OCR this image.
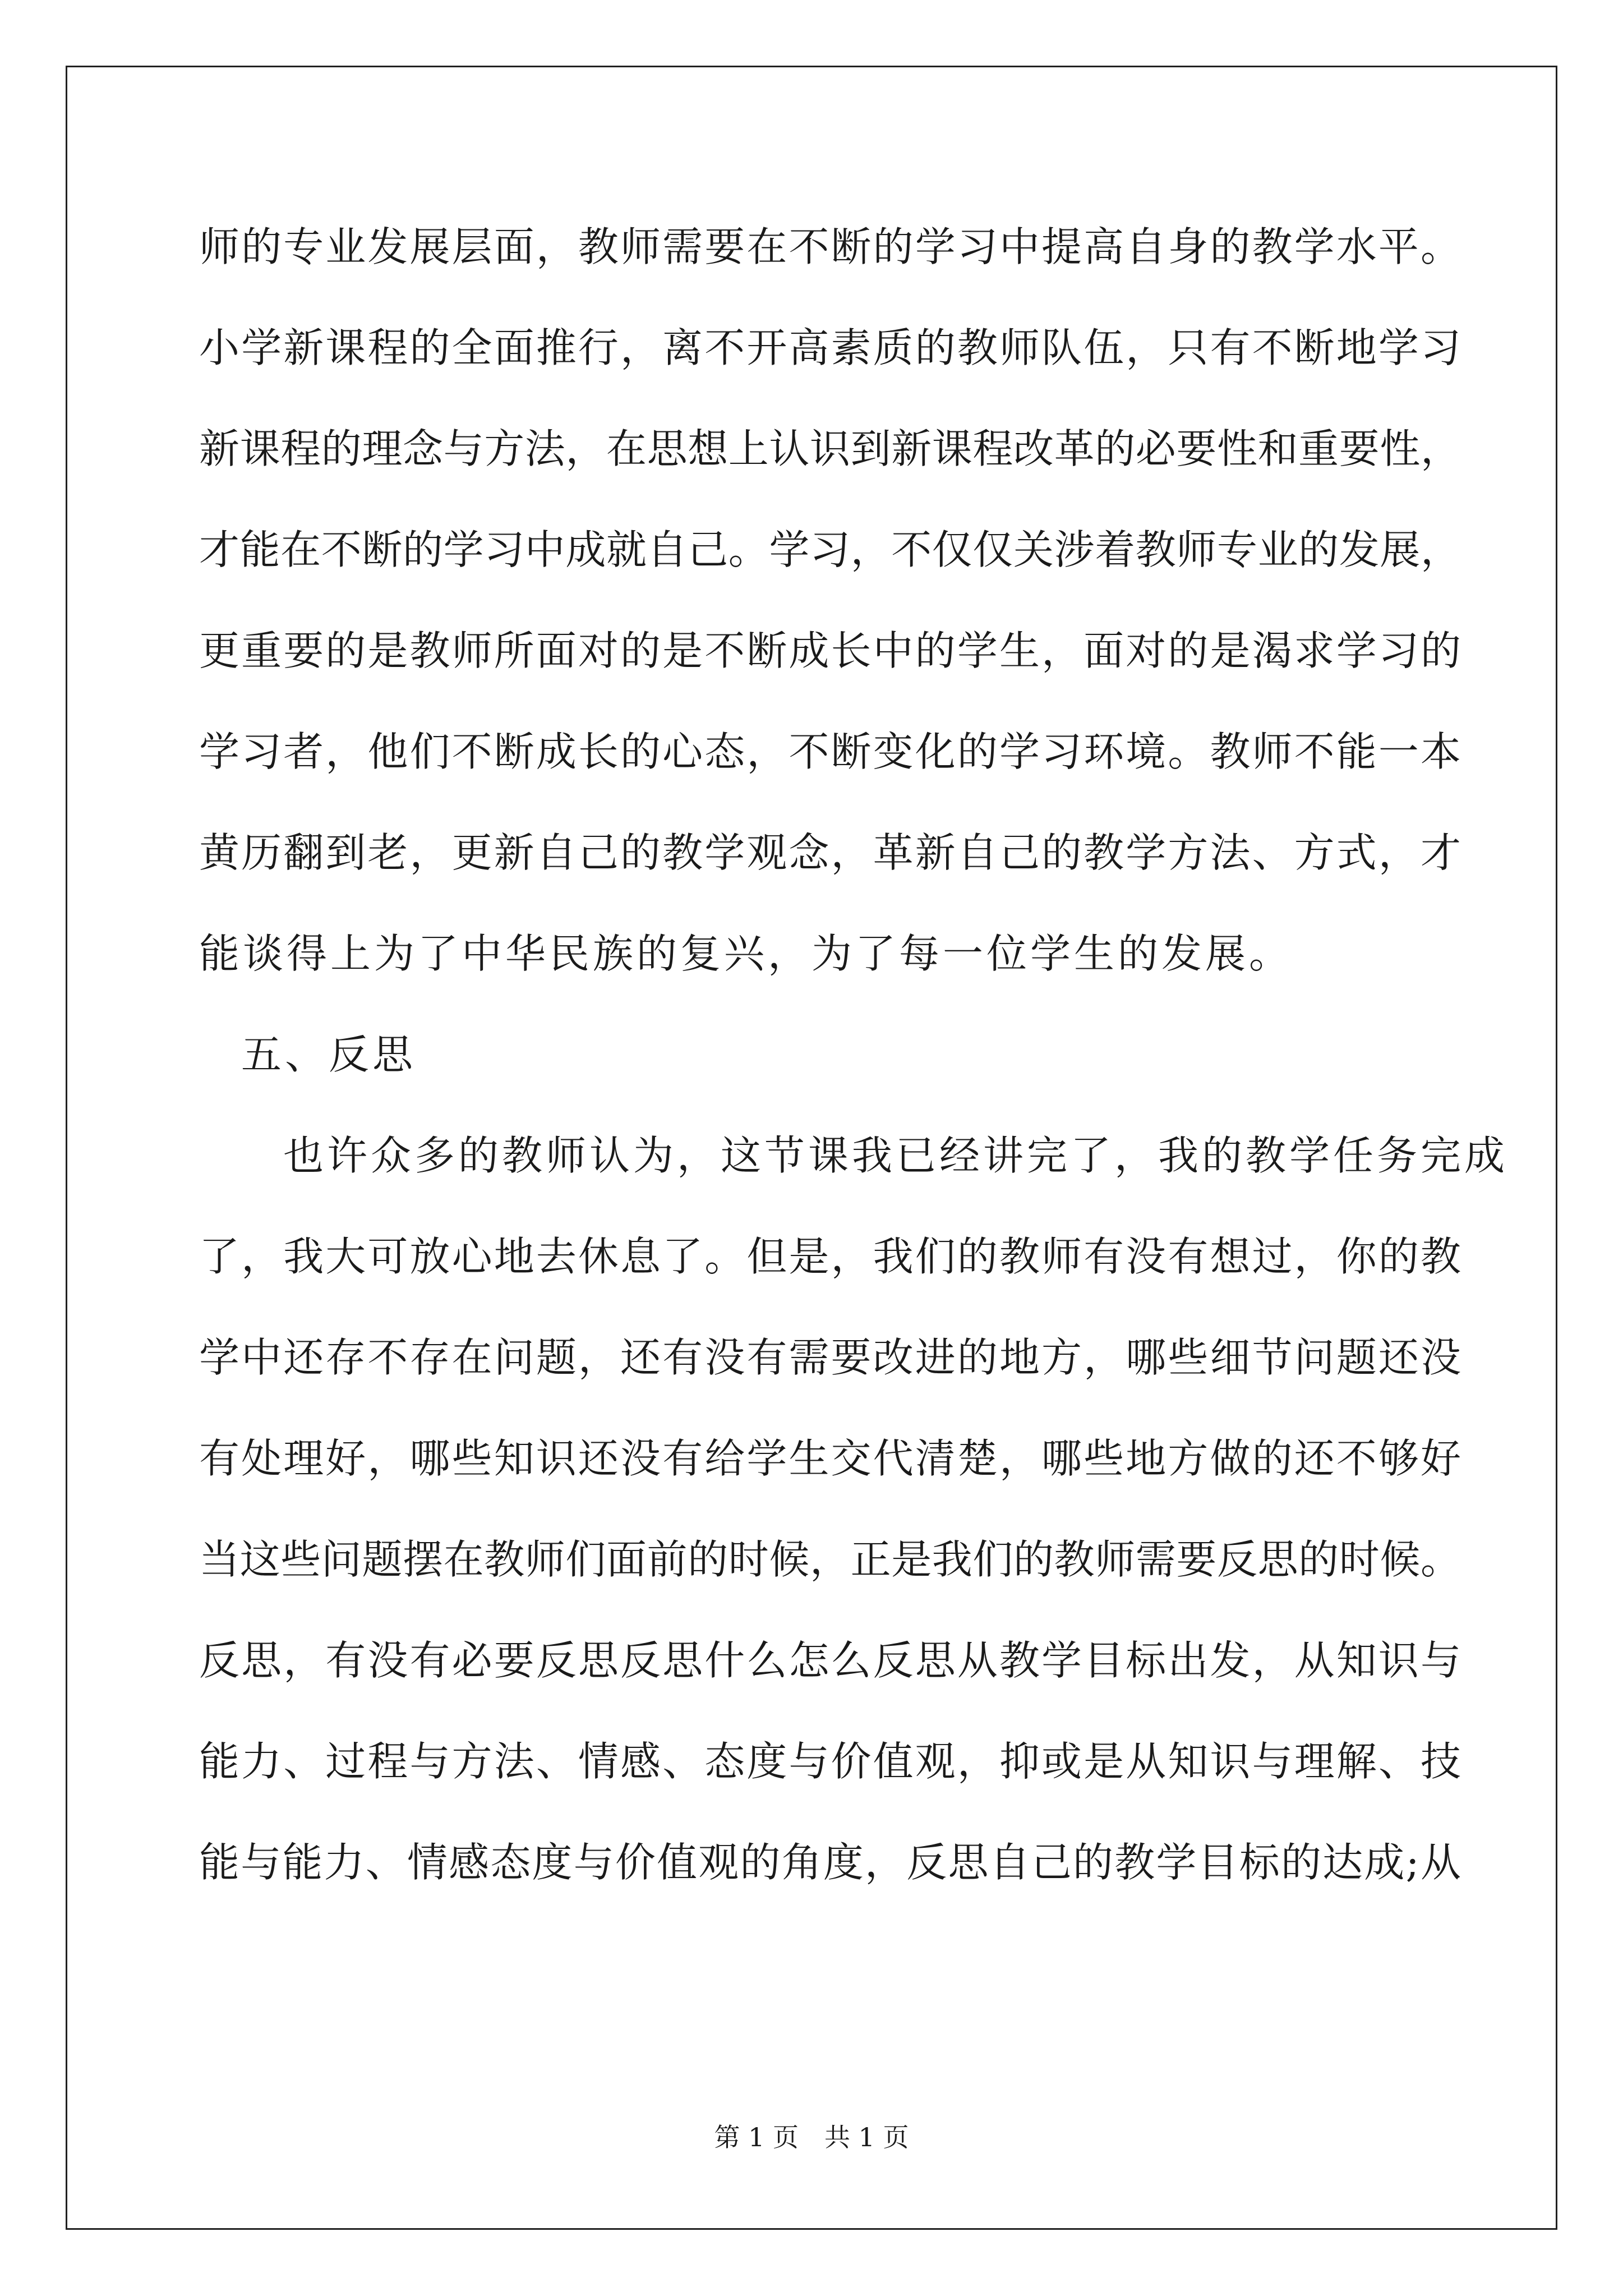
师的专业发展层面，教师需要在不断的学习中提高自身的教学水平。

小学新课程的全面推行，离不开高素质的教师队伍，只有不断地学习

新课程的理念与方法，在思想上认识到新课程改革的必要性和重要性，

才能在不断的学习中成就自己。学习，不仅仅关涉着教师专业的发展，

更重要的是教师所面对的是不断成长中的学生，面对的是渴求学习的

学习者，他们不断成长的心态，不断变化的学习环境。教师不能一本

黄历翻到老，更新自己的教学观念，革新自己的教学方法、方式，才

能谈得上为了中华民族的复兴，为了每一位学生的发展。

五、反思

也许众多的教师认为，这节课我已经讲完了，我的教学任务完成

了，我大可放心地去休息了。但是，我们的教师有没有想过，你的教

学中还存不存在问题，还有没有需要改进的地方，哪些细节问题还没

有处理好，哪些知识还没有给学生交代清楚，哪些地方做的还不够好

当这些问题摆在教师们面前的时候，正是我们的教师需要反思的时候。

反思，有没有必要反思反思什么怎么反思从教学目标出发，从知识与

能力、过程与方法、情感、态度与价值观，抑或是从知识与理解、技

能与能力、情感态度与价值观的角度，反思自己的教学目标的达成;从

第 1 页　共 1 页
